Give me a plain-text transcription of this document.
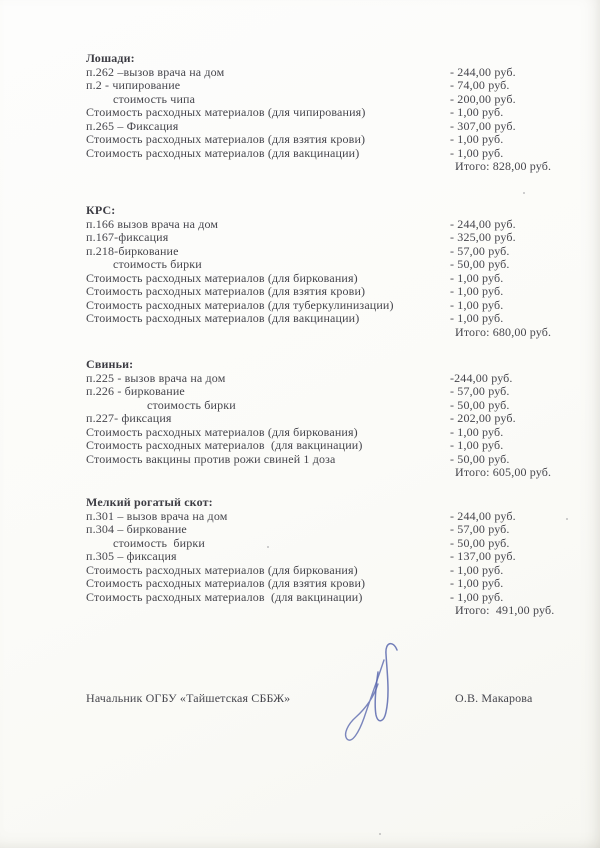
Лошади:
п.262 –вызов врача на дом	- 244,00 руб.
п.2 - чипирование	- 74,00 руб.
стоимость чипа	- 200,00 руб.
Стоимость расходных материалов (для чипирования)	- 1,00 руб.
п.265 – Фиксация	- 307,00 руб.
Стоимость расходных материалов (для взятия крови)	- 1,00 руб.
Стоимость расходных материалов (для вакцинации)	- 1,00 руб.
Итого: 828,00 руб.
КРС:
п.166 вызов врача на дом	- 244,00 руб.
п.167-фиксация	- 325,00 руб.
п.218-биркование	- 57,00 руб.
стоимость бирки	- 50,00 руб.
Стоимость расходных материалов (для биркования)	- 1,00 руб.
Стоимость расходных материалов (для взятия крови)	- 1,00 руб.
Стоимость расходных материалов (для туберкулинизации)	- 1,00 руб.
Стоимость расходных материалов (для вакцинации)	- 1,00 руб.
Итого: 680,00 руб.
Свиньи:
п.225 - вызов врача на дом	-244,00 руб.
п.226 - биркование	- 57,00 руб.
стоимость бирки	- 50,00 руб.
п.227- фиксация	- 202,00 руб.
Стоимость расходных материалов (для биркования)	- 1,00 руб.
Стоимость расходных материалов  (для вакцинации)	- 1,00 руб.
Стоимость вакцины против рожи свиней 1 доза	- 50,00 руб.
Итого: 605,00 руб.
Мелкий рогатый скот:
п.301 – вызов врача на дом	- 244,00 руб.
п.304 – биркование	- 57,00 руб.
стоимость  бирки	- 50,00 руб.
п.305 – фиксация	- 137,00 руб.
Стоимость расходных материалов (для биркования)	- 1,00 руб.
Стоимость расходных материалов (для взятия крови)	- 1,00 руб.
Стоимость расходных материалов  (для вакцинации)	- 1,00 руб.
Итого:  491,00 руб.
Начальник ОГБУ «Тайшетская СББЖ»	О.В. Макарова
